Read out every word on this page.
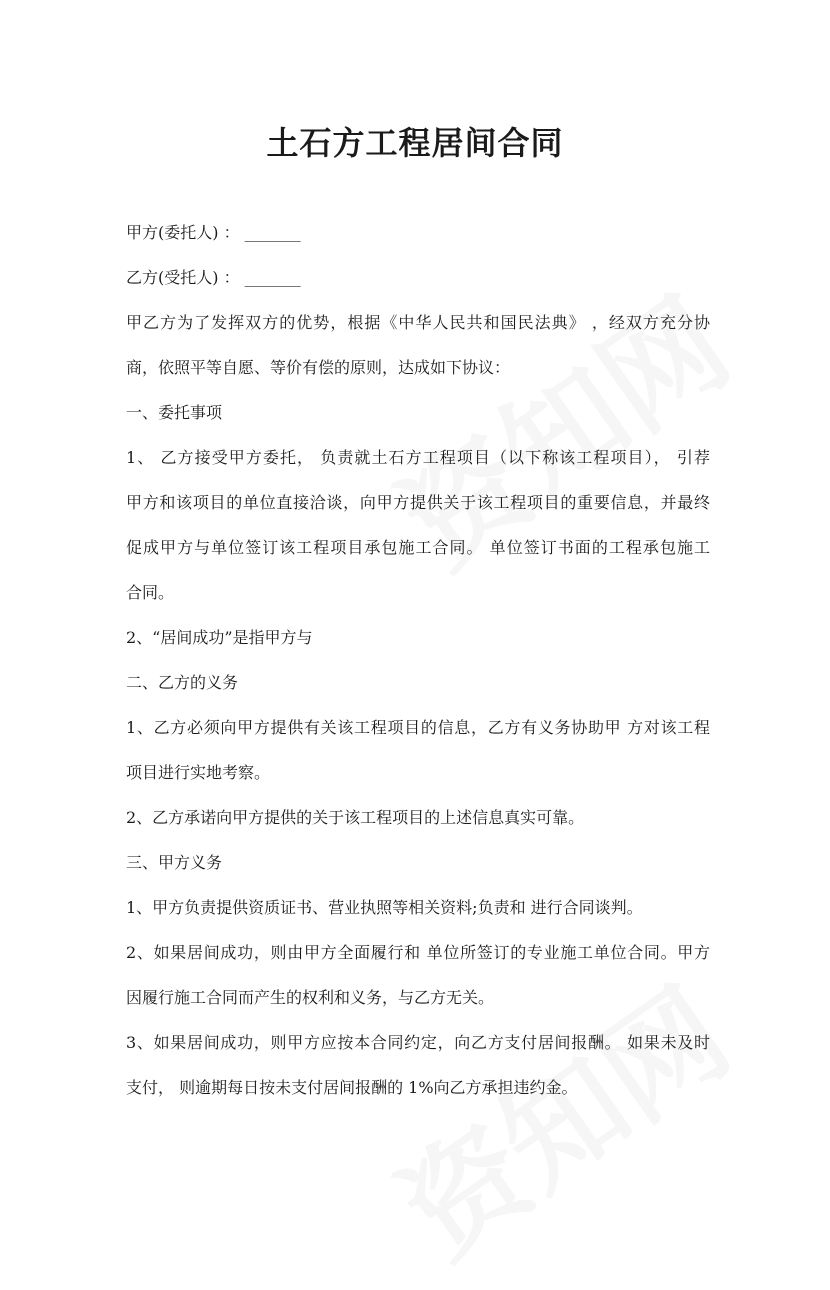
土石方工程居间合同
甲方(委托人) ： _______
乙方(受托人) ： _______
甲乙方为了发挥双方的优势，根据《中华人民共和国民法典》 ，经双方充分协
商，依照平等自愿、等价有偿的原则，达成如下协议：
一、委托事项
1、 乙方接受甲方委托， 负责就土石方工程项目（以下称该工程项目）， 引荐
甲方和该项目的单位直接洽谈，向甲方提供关于该工程项目的重要信息，并最终
促成甲方与单位签订该工程项目承包施工合同。 单位签订书面的工程承包施工
合同。
2、“居间成功”是指甲方与
二、乙方的义务
1、乙方必须向甲方提供有关该工程项目的信息，乙方有义务协助甲 方对该工程
项目进行实地考察。
2、乙方承诺向甲方提供的关于该工程项目的上述信息真实可靠。
三、甲方义务
1、甲方负责提供资质证书、营业执照等相关资料;负责和 进行合同谈判。
2、如果居间成功，则由甲方全面履行和 单位所签订的专业施工单位合同。甲方
因履行施工合同而产生的权利和义务，与乙方无关。
3、如果居间成功，则甲方应按本合同约定，向乙方支付居间报酬。 如果未及时
支付， 则逾期每日按未支付居间报酬的 1%向乙方承担违约金。
